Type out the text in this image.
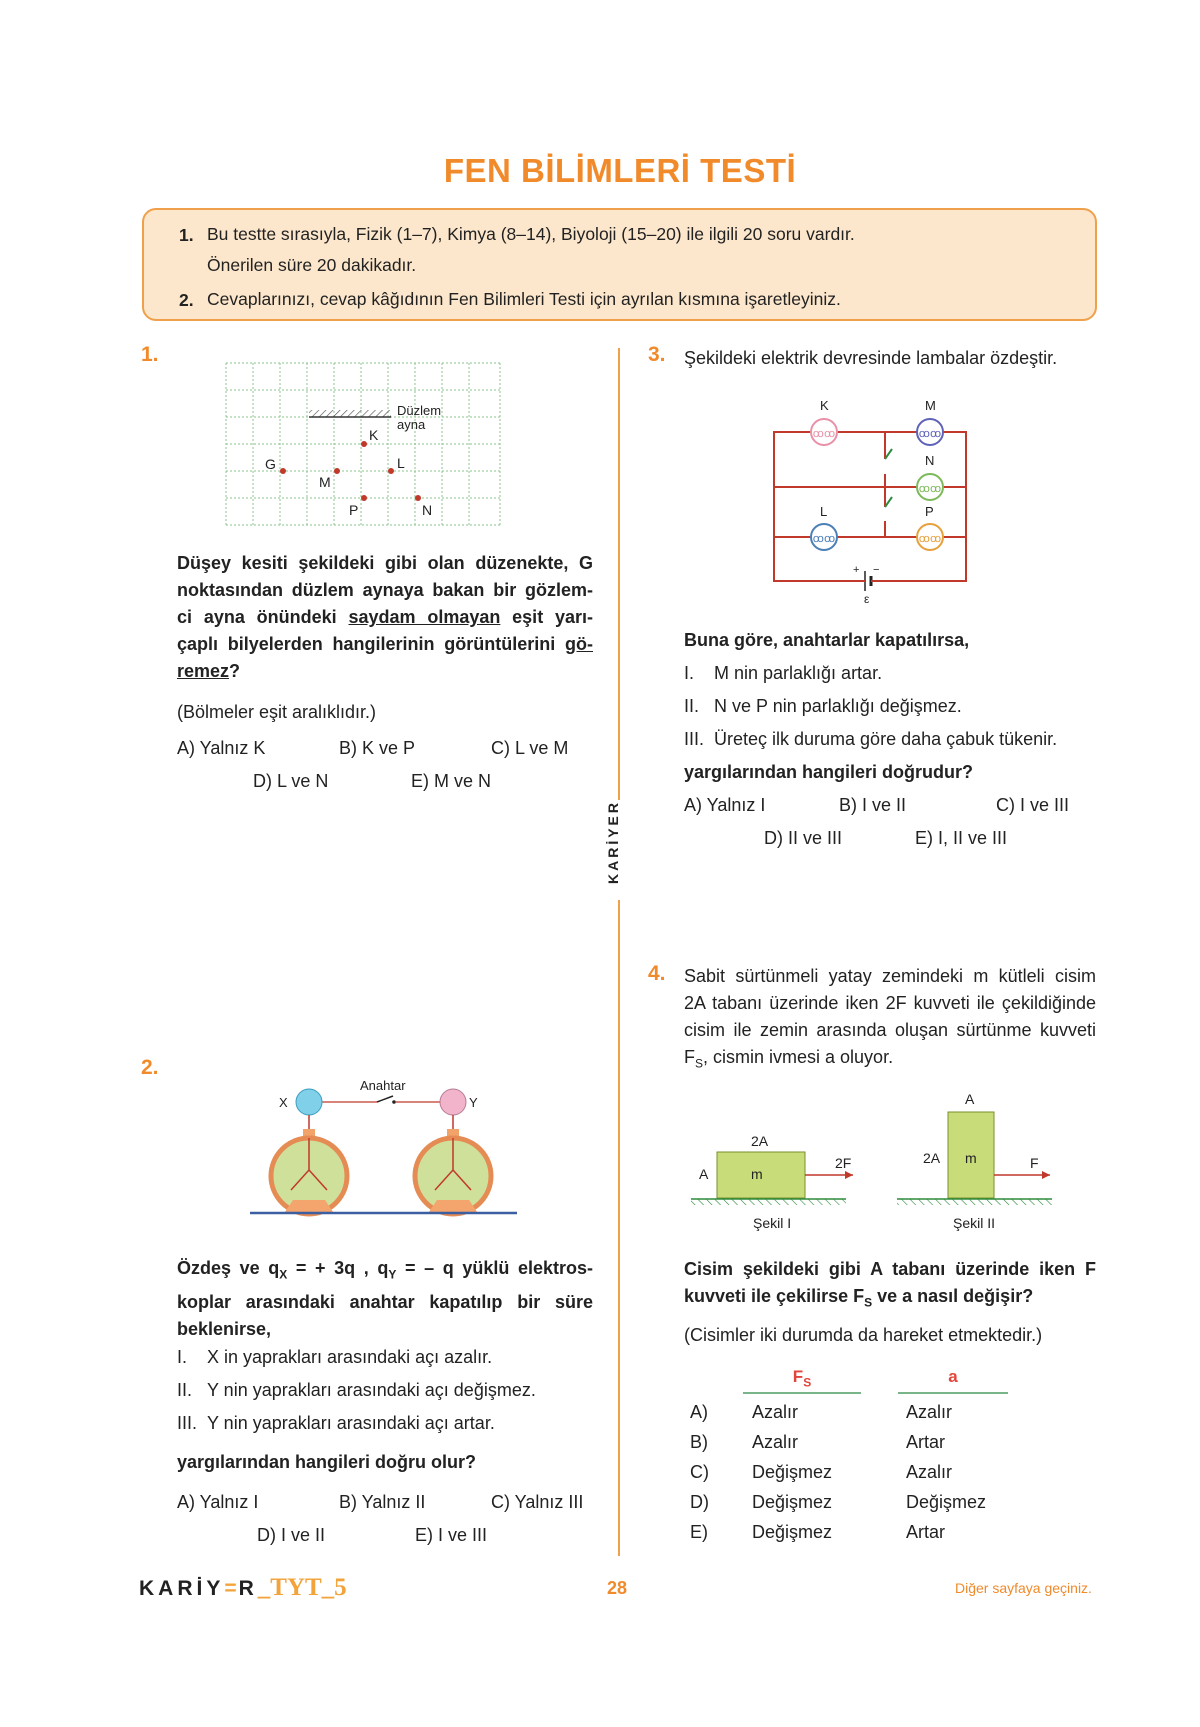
FEN BİLİMLERİ TESTİ
1. Bu testte sırasıyla, Fizik (1–7), Kimya (8–14), Biyoloji (15–20) ile ilgili 20 soru vardır.
Önerilen süre 20 dakikadır.
2. Cevaplarınızı, cevap kâğıdının Fen Bilimleri Testi için ayrılan kısmına işaretleyiniz.
KARİYER
1.
Düzlem
ayna
K
G
M
L
P	N
Düşey kesiti şekildeki gibi olan düzenekte, G
noktasından düzlem aynaya bakan bir gözlem-
ci ayna önündeki saydam olmayan eşit yarı-
çaplı bilyelerden hangilerinin görüntülerini gö-
remez?
(Bölmeler eşit aralıklıdır.)
A) Yalnız K	B) K ve P	C) L ve M
D) L ve N	E) M ve N
2.
Anahtar
X	Y
Özdeş ve $q_X$ = + 3q , $q_Y$ = – q yüklü elektros-
koplar arasındaki anahtar kapatılıp bir süre
beklenirse,
I. X in yaprakları arasındaki açı azalır.
II. Y nin yaprakları arasındaki açı değişmez.
III. Y nin yaprakları arasındaki açı artar.
yargılarından hangileri doğru olur?
A) Yalnız I	B) Yalnız II	C) Yalnız III
D) I ve II	E) I ve III
3. Şekildeki elektrik devresinde lambalar özdeştir.
ꝏꝏ	ꝏꝏ
ꝏꝏ
ꝏꝏ	ꝏꝏ
K	M
N
L	P
+ −
ε
Buna göre, anahtarlar kapatılırsa,
I. M nin parlaklığı artar.
II. N ve P nin parlaklığı değişmez.
III. Üreteç ilk duruma göre daha çabuk tükenir.
yargılarından hangileri doğrudur?
A) Yalnız I	B) I ve II	C) I ve III
D) II ve III	E) I, II ve III
4. Sabit sürtünmeli yatay zemindeki m kütleli cisim
2A tabanı üzerinde iken 2F kuvveti ile çekildiğinde
cisim ile zemin arasında oluşan sürtünme kuvveti
$F_S$, cismin ivmesi a oluyor.
2A
A	m
2F
Şekil I
A
2A m	F
Şekil II
Cisim şekildeki gibi A tabanı üzerinde iken F
kuvveti ile çekilirse $F_S$ ve a nasıl değişir?
(Cisimler iki durumda da hareket etmektedir.)
$F_S$	a
A) Azalır	Azalır
B) Azalır	Artar
C) Değişmez	Azalır
D) Değişmez	Değişmez
E) Değişmez	Artar
KARİY=R_TYT_5	28	Diğer sayfaya geçiniz.
